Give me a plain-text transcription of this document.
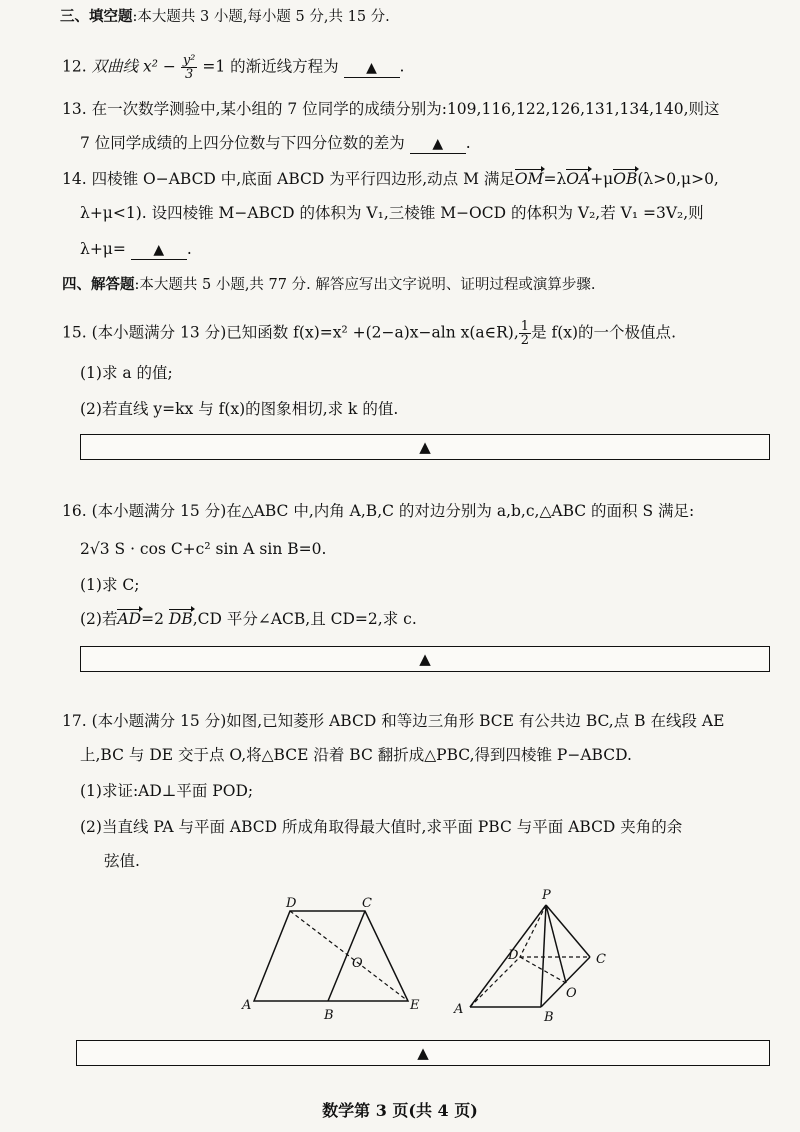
三、填空题:本大题共 3 小题,每小题 5 分,共 15 分.
12. 双曲线 $x^2 - \frac{\text{y²}}{3} =1$ 的渐近线方程为 ▲ .
13. 在一次数学测验中,某小组的 7 位同学的成绩分别为:109,116,122,126,131,134,140,则这
7 位同学成绩的上四分位数与下四分位数的差为 ▲ .
14. 四棱锥 O−ABCD 中,底面 ABCD 为平行四边形,动点 M 满足OM=λOA+μOB(λ>0,μ>0,
λ+μ<1). 设四棱锥 M−ABCD 的体积为 V₁,三棱锥 M−OCD 的体积为 V₂,若 V₁ =3V₂,则
λ+μ= ▲ .
四、解答题:本大题共 5 小题,共 77 分. 解答应写出文字说明、证明过程或演算步骤.
15. (本小题满分 13 分)已知函数 f(x)=x² +(2−a)x−aln x(a∈R), $\frac{1}{2}$ 是 f(x)的一个极值点.
(1)求 a 的值;
(2)若直线 y=kx 与 f(x)的图象相切,求 k 的值.
▲
16. (本小题满分 15 分)在△ABC 中,内角 A,B,C 的对边分别为 a,b,c,△ABC 的面积 S 满足:
2√3 S · cos C+c² sin A sin B=0.
(1)求 C;
(2)若AD=2 DB,CD 平分∠ACB,且 CD=2,求 c.
▲
17. (本小题满分 15 分)如图,已知菱形 ABCD 和等边三角形 BCE 有公共边 BC,点 B 在线段 AE
上,BC 与 DE 交于点 O,将△BCE 沿着 BC 翻折成△PBC,得到四棱锥 P−ABCD.
(1)求证:AD⊥平面 POD;
(2)当直线 PA 与平面 ABCD 所成角取得最大值时,求平面 PBC 与平面 ABCD 夹角的余
弦值.
D	C
O
A
B
E
P
D	C
O
A
B
▲
数学第 3 页(共 4 页)
